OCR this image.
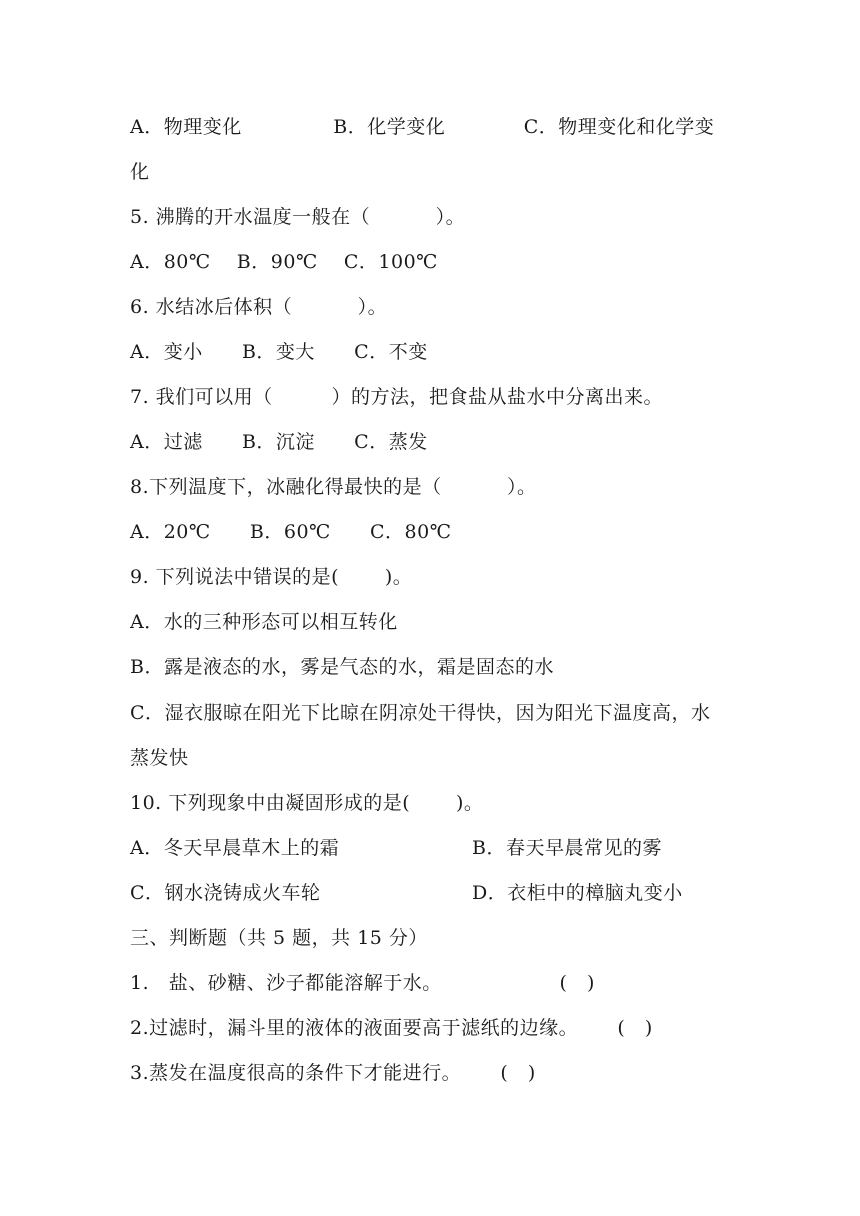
A．物理变化              B．化学变化            C．物理变化和化学变
化
5. 沸腾的开水温度一般在（          ）。
A．80℃    B．90℃    C．100℃
6. 水结冰后体积（          ）。
A．变小      B．变大      C．不变
7. 我们可以用（         ）的方法，把食盐从盐水中分离出来。
A．过滤      B．沉淀      C．蒸发
8.下列温度下，冰融化得最快的是（          ）。
A．20℃      B．60℃      C．80℃
9. 下列说法中错误的是(       )。
A．水的三种形态可以相互转化
B．露是液态的水，雾是气态的水，霜是固态的水
C．湿衣服晾在阳光下比晾在阴凉处干得快，因为阳光下温度高，水
蒸发快
10. 下列现象中由凝固形成的是(       )。
A．冬天早晨草木上的霜	B．春天早晨常见的雾
C．钢水浇铸成火车轮	D．衣柜中的樟脑丸变小
三、判断题（共 5 题，共 15 分）
1.   盐、砂糖、沙子都能溶解于水。                  (   )
2.过滤时，漏斗里的液体的液面要高于滤纸的边缘。      (   )
3.蒸发在温度很高的条件下才能进行。      (   )
